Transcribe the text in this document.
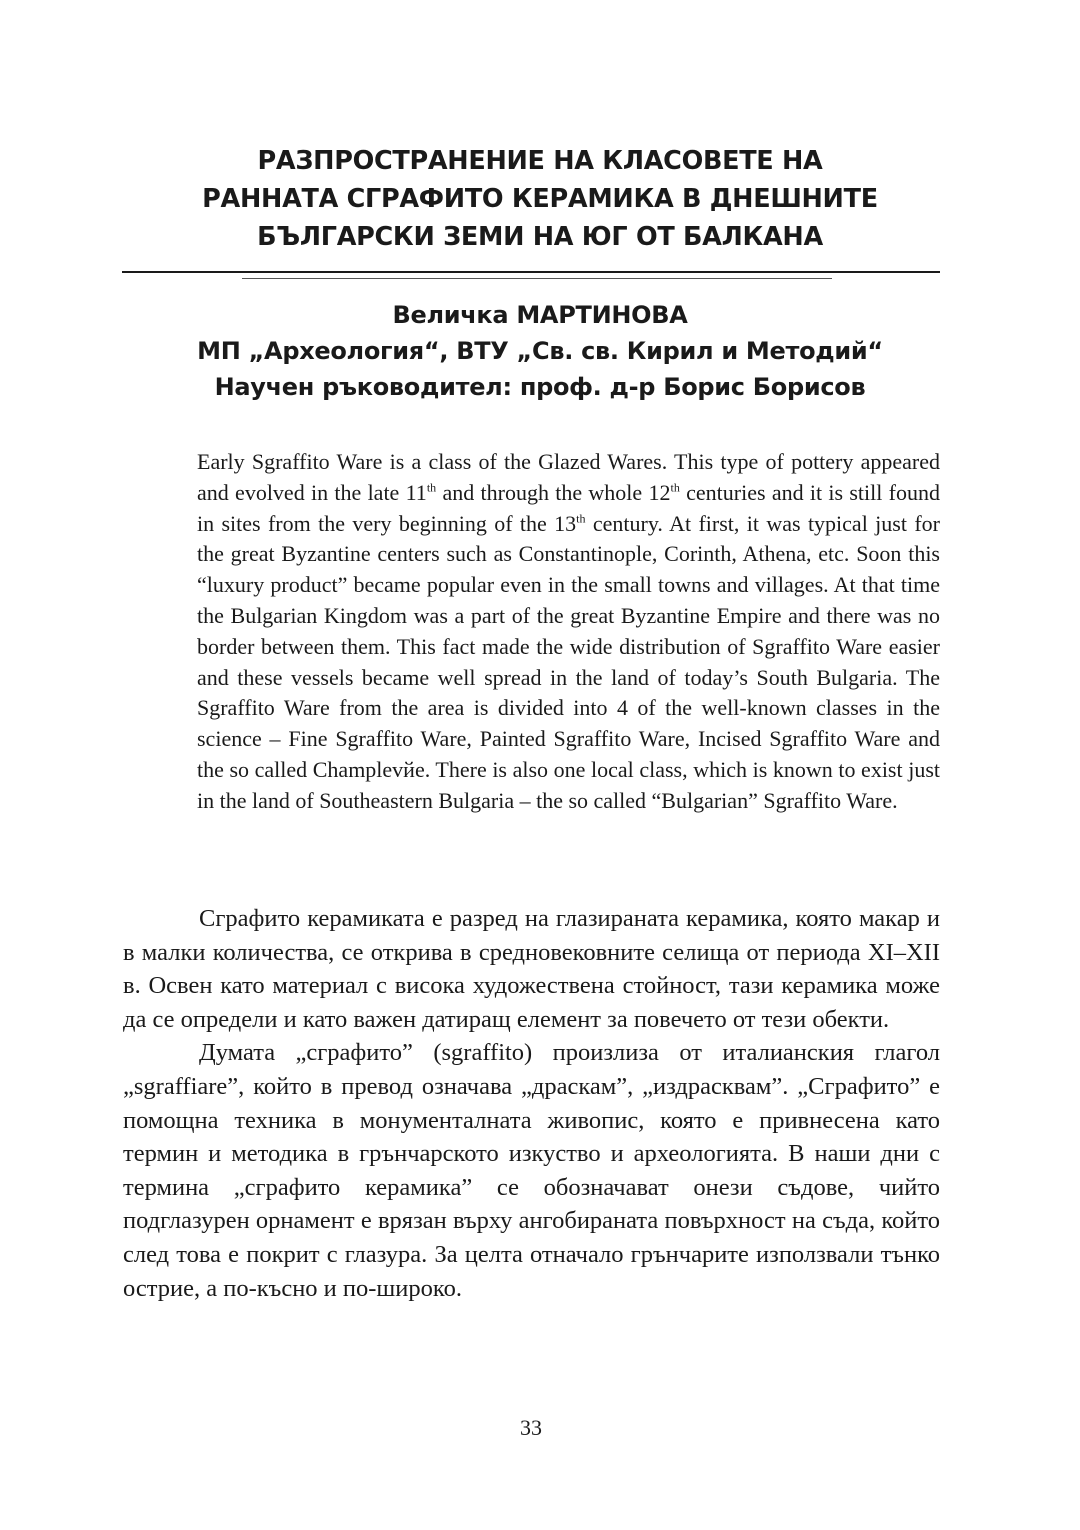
РАЗПРОСТРАНЕНИЕ НА КЛАСОВЕТЕ НА
РАННАТА СГРАФИТО КЕРАМИКА В ДНЕШНИТЕ
БЪЛГАРСКИ ЗЕМИ НА ЮГ ОТ БАЛКАНА
Величка МАРТИНОВА
МП „Археология“, ВТУ „Св. св. Кирил и Методий“
Научен ръководител: проф. д-р Борис Борисов

Early Sgraffito Ware is a class of the Glazed Wares. This type of pottery appeared and evolved in the late 11th and through the whole 12th centuries and it is still found in sites from the very beginning of the 13th century. At first, it was typical just for the great Byzantine centers such as Constantinople, Corinth, Athena, etc. Soon this “luxury product” became popular even in the small towns and villages. At that time the Bulgarian Kingdom was a part of the great Byzantine Empire and there was no border between them. This fact made the wide distribution of Sgraffito Ware easier and these vessels became well spread in the land of today’s South Bulgaria. The Sgraffito Ware from the area is divided into 4 of the well-known classes in the science – Fine Sgraffito Ware, Painted Sgraffito Ware, Incised Sgraffito Ware and the so called Champlevйe. There is also one local class, which is known to exist just in the land of Southeastern Bulgaria – the so called “Bulgarian” Sgraffito Ware.

Сграфито керамиката е разред на глазираната керамика, която макар и в малки количества, се открива в средновековните селища от периода XI–XII в. Освен като материал с висока художествена стойност, тази керамика може да се определи и като важен датиращ елемент за повечето от тези обекти.

Думата „сграфито” (sgraffito) произлиза от италианския глагол „sgraffiare”, който в превод означава „драскам”, „издрасквам”. „Сграфито” е помощна техника в монументалната живопис, която е привнесена като термин и методика в грънчарското изкуство и археологията. В наши дни с термина „сграфито керамика” се обозначават онези съдове, чийто подглазурен орнамент е врязан върху ангобираната повърхност на съда, който след това е покрит с глазура. За целта отначало грънчарите използвали тънко острие, а по-късно и по-широко.

33
